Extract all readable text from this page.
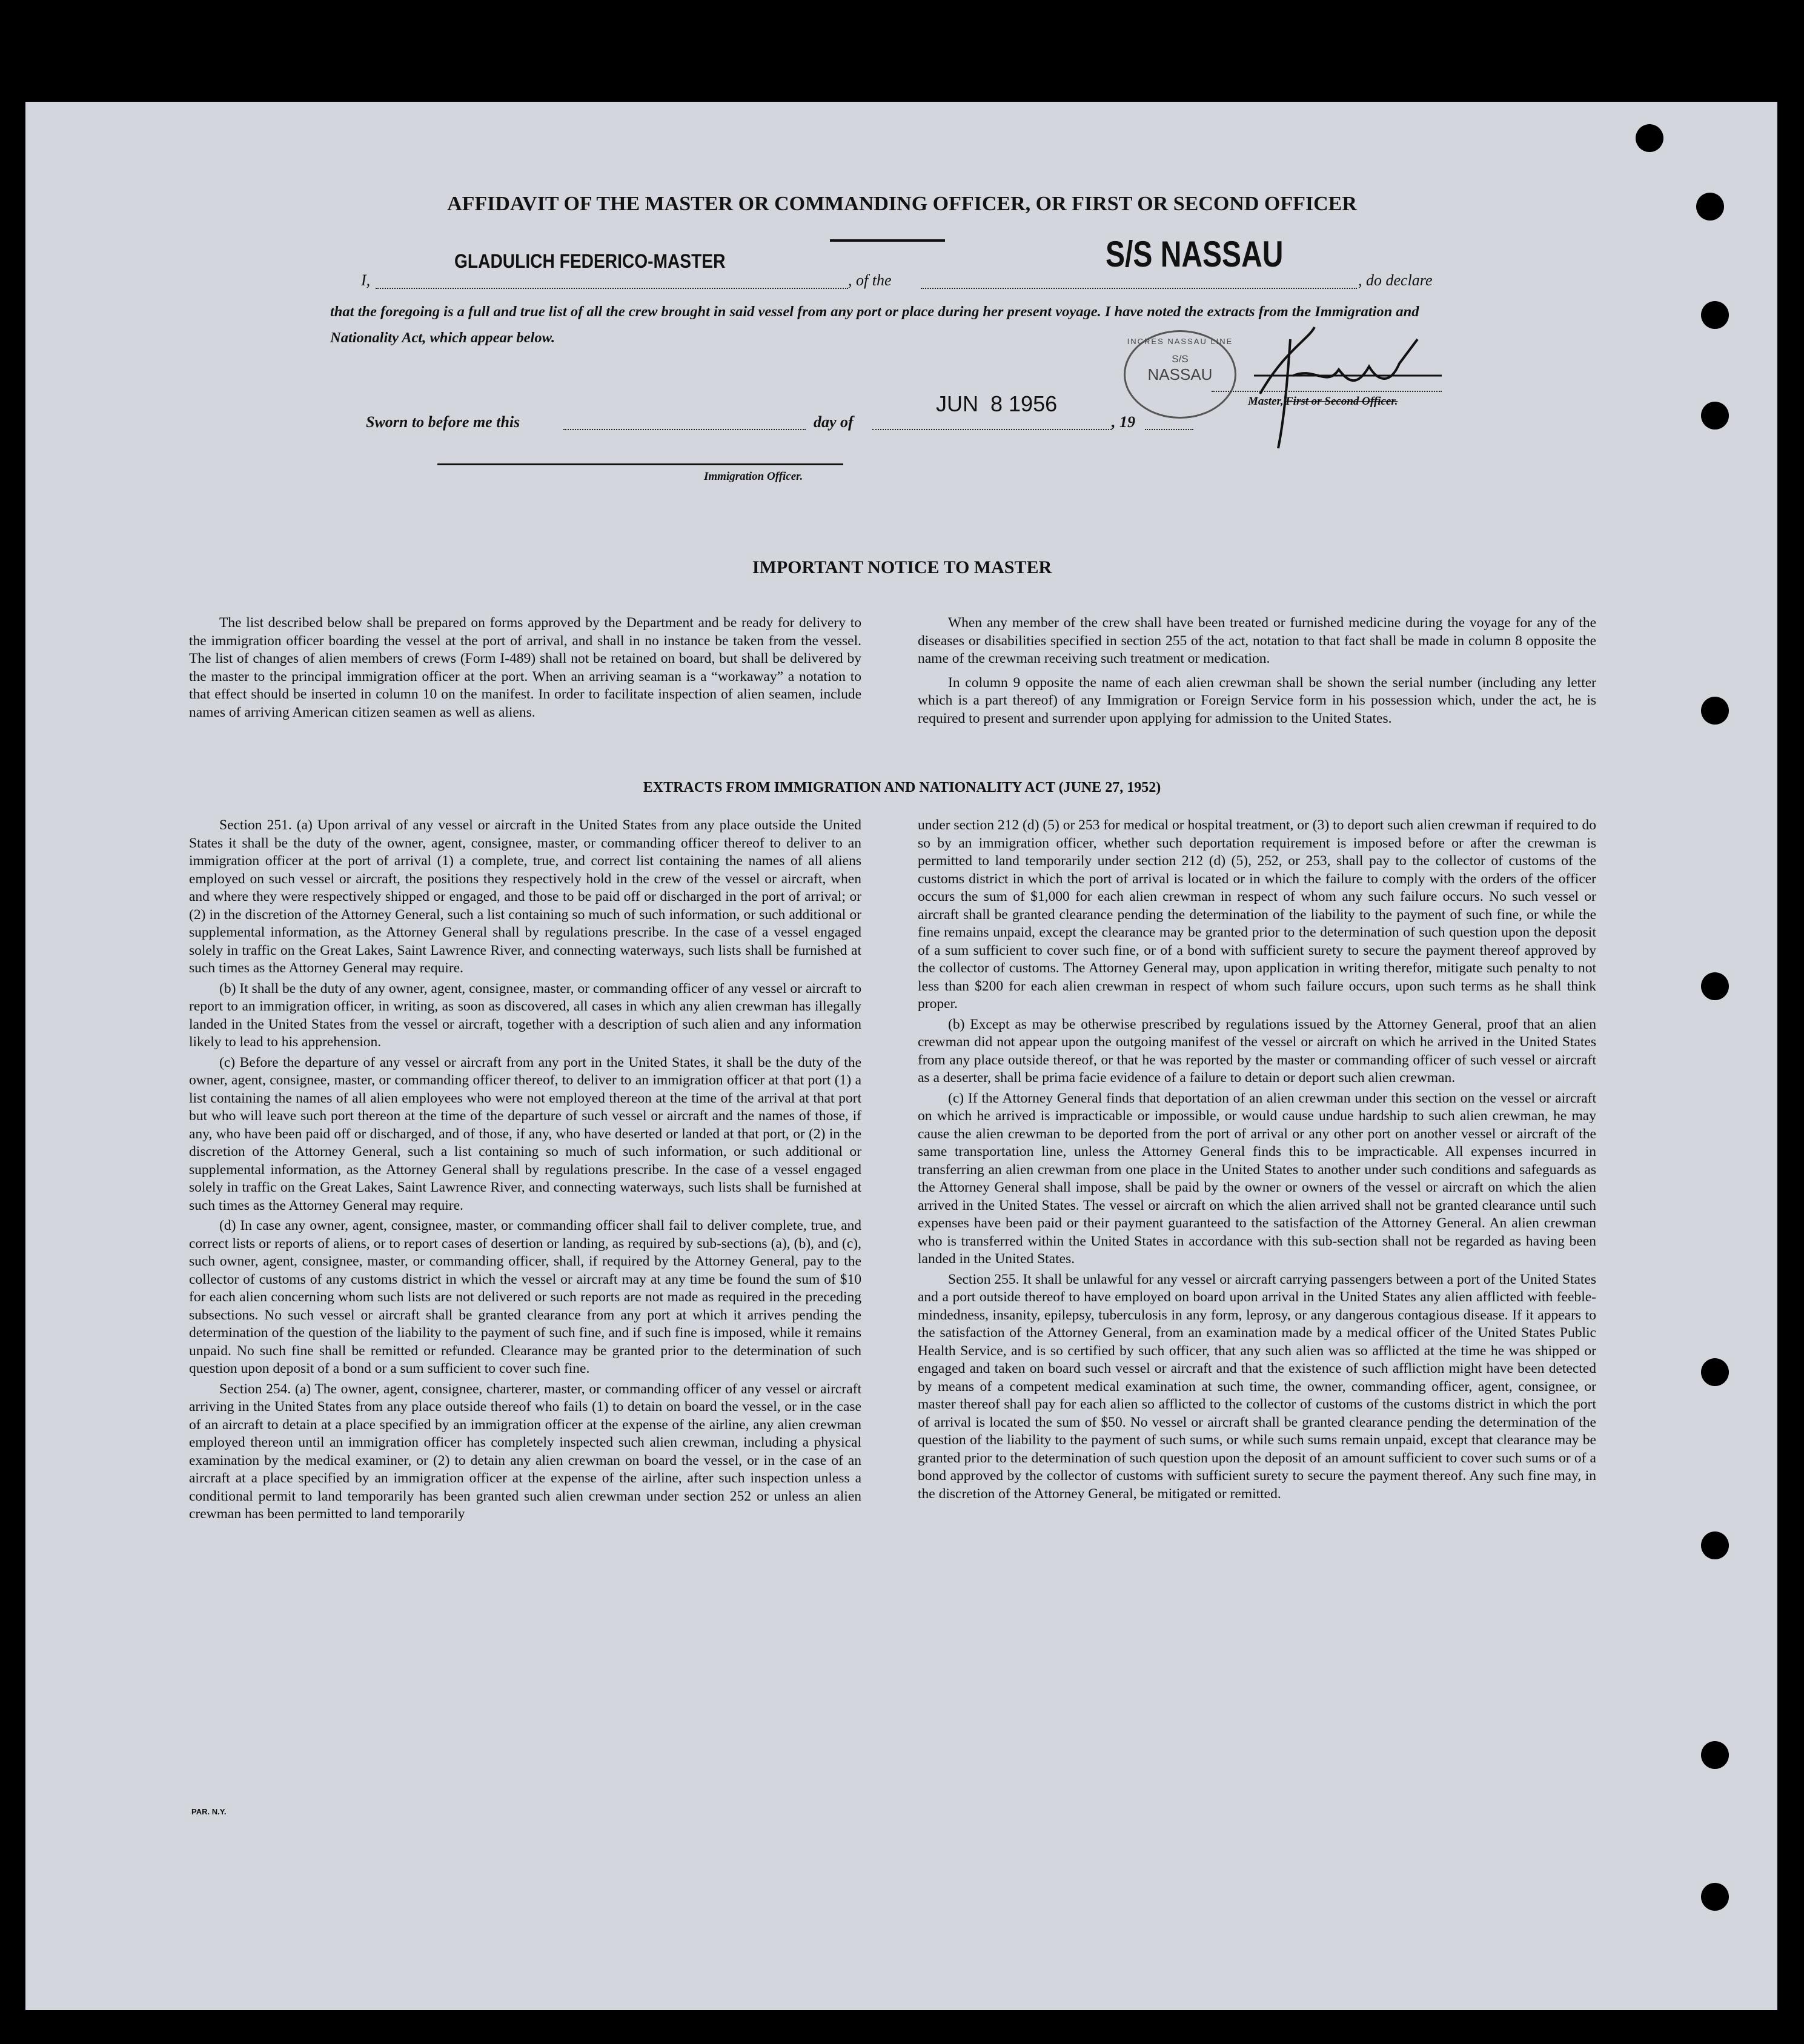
AFFIDAVIT OF THE MASTER OR COMMANDING OFFICER, OR FIRST OR SECOND OFFICER
GLADULICH FEDERICO-MASTER
I,	, of the
S/S NASSAU
, do declare
that the foregoing is a full and true list of all the crew brought in said vessel from any port or place during her present voyage. I have noted the extracts from the Immigration and Nationality Act, which appear below.	INCRES NASSAU LINE
S/S
NASSAU
Sworn to before me this	day of
JUN  8 1956
, 19
Master, First or Second Officer.
Immigration Officer.
IMPORTANT NOTICE TO MASTER

The list described below shall be prepared on forms approved by the Department and be ready for delivery to the immigration officer boarding the vessel at the port of arrival, and shall in no instance be taken from the vessel. The list of changes of alien members of crews (Form I-489) shall not be retained on board, but shall be delivered by the master to the principal immigration officer at the port. When an arriving seaman is a “workaway” a notation to that effect should be inserted in column 10 on the manifest. In order to facilitate inspection of alien seamen, include names of arriving American citizen seamen as well as aliens.

When any member of the crew shall have been treated or furnished medicine during the voyage for any of the diseases or disabilities specified in section 255 of the act, notation to that fact shall be made in column 8 opposite the name of the crewman receiving such treatment or medication.

In column 9 opposite the name of each alien crewman shall be shown the serial number (including any letter which is a part thereof) of any Immigration or Foreign Service form in his possession which, under the act, he is required to present and surrender upon applying for admission to the United States.

EXTRACTS FROM IMMIGRATION AND NATIONALITY ACT (JUNE 27, 1952)

Section 251. (a) Upon arrival of any vessel or aircraft in the United States from any place outside the United States it shall be the duty of the owner, agent, consignee, master, or commanding officer thereof to deliver to an immigration officer at the port of arrival (1) a complete, true, and correct list containing the names of all aliens employed on such vessel or aircraft, the positions they respectively hold in the crew of the vessel or aircraft, when and where they were respectively shipped or engaged, and those to be paid off or discharged in the port of arrival; or (2) in the discretion of the Attorney General, such a list containing so much of such information, or such additional or supplemental information, as the Attorney General shall by regulations prescribe. In the case of a vessel engaged solely in traffic on the Great Lakes, Saint Lawrence River, and connecting waterways, such lists shall be furnished at such times as the Attorney General may require.

(b) It shall be the duty of any owner, agent, consignee, master, or commanding officer of any vessel or aircraft to report to an immigration officer, in writing, as soon as discovered, all cases in which any alien crewman has illegally landed in the United States from the vessel or aircraft, together with a description of such alien and any information likely to lead to his apprehension.

(c) Before the departure of any vessel or aircraft from any port in the United States, it shall be the duty of the owner, agent, consignee, master, or commanding officer thereof, to deliver to an immigration officer at that port (1) a list containing the names of all alien employees who were not employed thereon at the time of the arrival at that port but who will leave such port thereon at the time of the departure of such vessel or aircraft and the names of those, if any, who have been paid off or discharged, and of those, if any, who have deserted or landed at that port, or (2) in the discretion of the Attorney General, such a list containing so much of such information, or such additional or supplemental information, as the Attorney General shall by regulations prescribe. In the case of a vessel engaged solely in traffic on the Great Lakes, Saint Lawrence River, and connecting waterways, such lists shall be furnished at such times as the Attorney General may require.

(d) In case any owner, agent, consignee, master, or commanding officer shall fail to deliver complete, true, and correct lists or reports of aliens, or to report cases of desertion or landing, as required by sub-sections (a), (b), and (c), such owner, agent, consignee, master, or commanding officer, shall, if required by the Attorney General, pay to the collector of customs of any customs district in which the vessel or aircraft may at any time be found the sum of $10 for each alien concerning whom such lists are not delivered or such reports are not made as required in the preceding subsections. No such vessel or aircraft shall be granted clearance from any port at which it arrives pending the determination of the question of the liability to the payment of such fine, and if such fine is imposed, while it remains unpaid. No such fine shall be remitted or refunded. Clearance may be granted prior to the determination of such question upon deposit of a bond or a sum sufficient to cover such fine.

Section 254. (a) The owner, agent, consignee, charterer, master, or commanding officer of any vessel or aircraft arriving in the United States from any place outside thereof who fails (1) to detain on board the vessel, or in the case of an aircraft to detain at a place specified by an immigration officer at the expense of the airline, any alien crewman employed thereon until an immigration officer has completely inspected such alien crewman, including a physical examination by the medical examiner, or (2) to detain any alien crewman on board the vessel, or in the case of an aircraft at a place specified by an immigration officer at the expense of the airline, after such inspection unless a conditional permit to land temporarily has been granted such alien crewman under section 252 or unless an alien crewman has been permitted to land temporarily

under section 212 (d) (5) or 253 for medical or hospital treatment, or (3) to deport such alien crewman if required to do so by an immigration officer, whether such deportation requirement is imposed before or after the crewman is permitted to land temporarily under section 212 (d) (5), 252, or 253, shall pay to the collector of customs of the customs district in which the port of arrival is located or in which the failure to comply with the orders of the officer occurs the sum of $1,000 for each alien crewman in respect of whom any such failure occurs. No such vessel or aircraft shall be granted clearance pending the determination of the liability to the payment of such fine, or while the fine remains unpaid, except the clearance may be granted prior to the determination of such question upon the deposit of a sum sufficient to cover such fine, or of a bond with sufficient surety to secure the payment thereof approved by the collector of customs. The Attorney General may, upon application in writing therefor, mitigate such penalty to not less than $200 for each alien crewman in respect of whom such failure occurs, upon such terms as he shall think proper.

(b) Except as may be otherwise prescribed by regulations issued by the Attorney General, proof that an alien crewman did not appear upon the outgoing manifest of the vessel or aircraft on which he arrived in the United States from any place outside thereof, or that he was reported by the master or commanding officer of such vessel or aircraft as a deserter, shall be prima facie evidence of a failure to detain or deport such alien crewman.

(c) If the Attorney General finds that deportation of an alien crewman under this section on the vessel or aircraft on which he arrived is impracticable or impossible, or would cause undue hardship to such alien crewman, he may cause the alien crewman to be deported from the port of arrival or any other port on another vessel or aircraft of the same transportation line, unless the Attorney General finds this to be impracticable. All expenses incurred in transferring an alien crewman from one place in the United States to another under such conditions and safeguards as the Attorney General shall impose, shall be paid by the owner or owners of the vessel or aircraft on which the alien arrived in the United States. The vessel or aircraft on which the alien arrived shall not be granted clearance until such expenses have been paid or their payment guaranteed to the satisfaction of the Attorney General. An alien crewman who is transferred within the United States in accordance with this sub-section shall not be regarded as having been landed in the United States.

Section 255. It shall be unlawful for any vessel or aircraft carrying passengers between a port of the United States and a port outside thereof to have employed on board upon arrival in the United States any alien afflicted with feeble-mindedness, insanity, epilepsy, tuberculosis in any form, leprosy, or any dangerous contagious disease. If it appears to the satisfaction of the Attorney General, from an examination made by a medical officer of the United States Public Health Service, and is so certified by such officer, that any such alien was so afflicted at the time he was shipped or engaged and taken on board such vessel or aircraft and that the existence of such affliction might have been detected by means of a competent medical examination at such time, the owner, commanding officer, agent, consignee, or master thereof shall pay for each alien so afflicted to the collector of customs of the customs district in which the port of arrival is located the sum of $50. No vessel or aircraft shall be granted clearance pending the determination of the question of the liability to the payment of such sums, or while such sums remain unpaid, except that clearance may be granted prior to the determination of such question upon the deposit of an amount sufficient to cover such sums or of a bond approved by the collector of customs with sufficient surety to secure the payment thereof. Any such fine may, in the discretion of the Attorney General, be mitigated or remitted.

PAR. N.Y.
